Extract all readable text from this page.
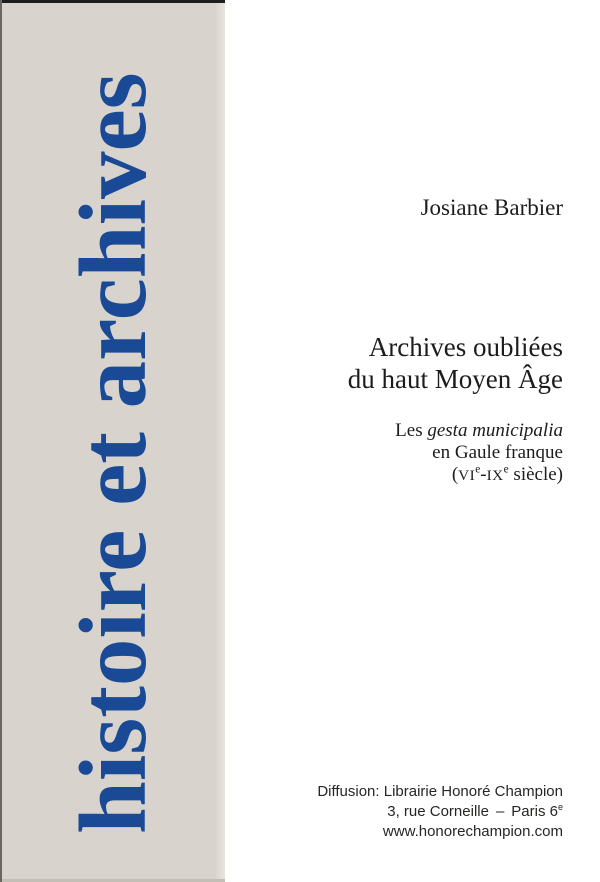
histoire et archives	Josiane Barbier
Archives oubliées
du haut Moyen Âge
Les gesta municipalia
en Gaule franque
(VIe-IXe siècle)
Diffusion: Librairie Honoré Champion
3, rue Corneille – Paris 6e
www.honorechampion.com
